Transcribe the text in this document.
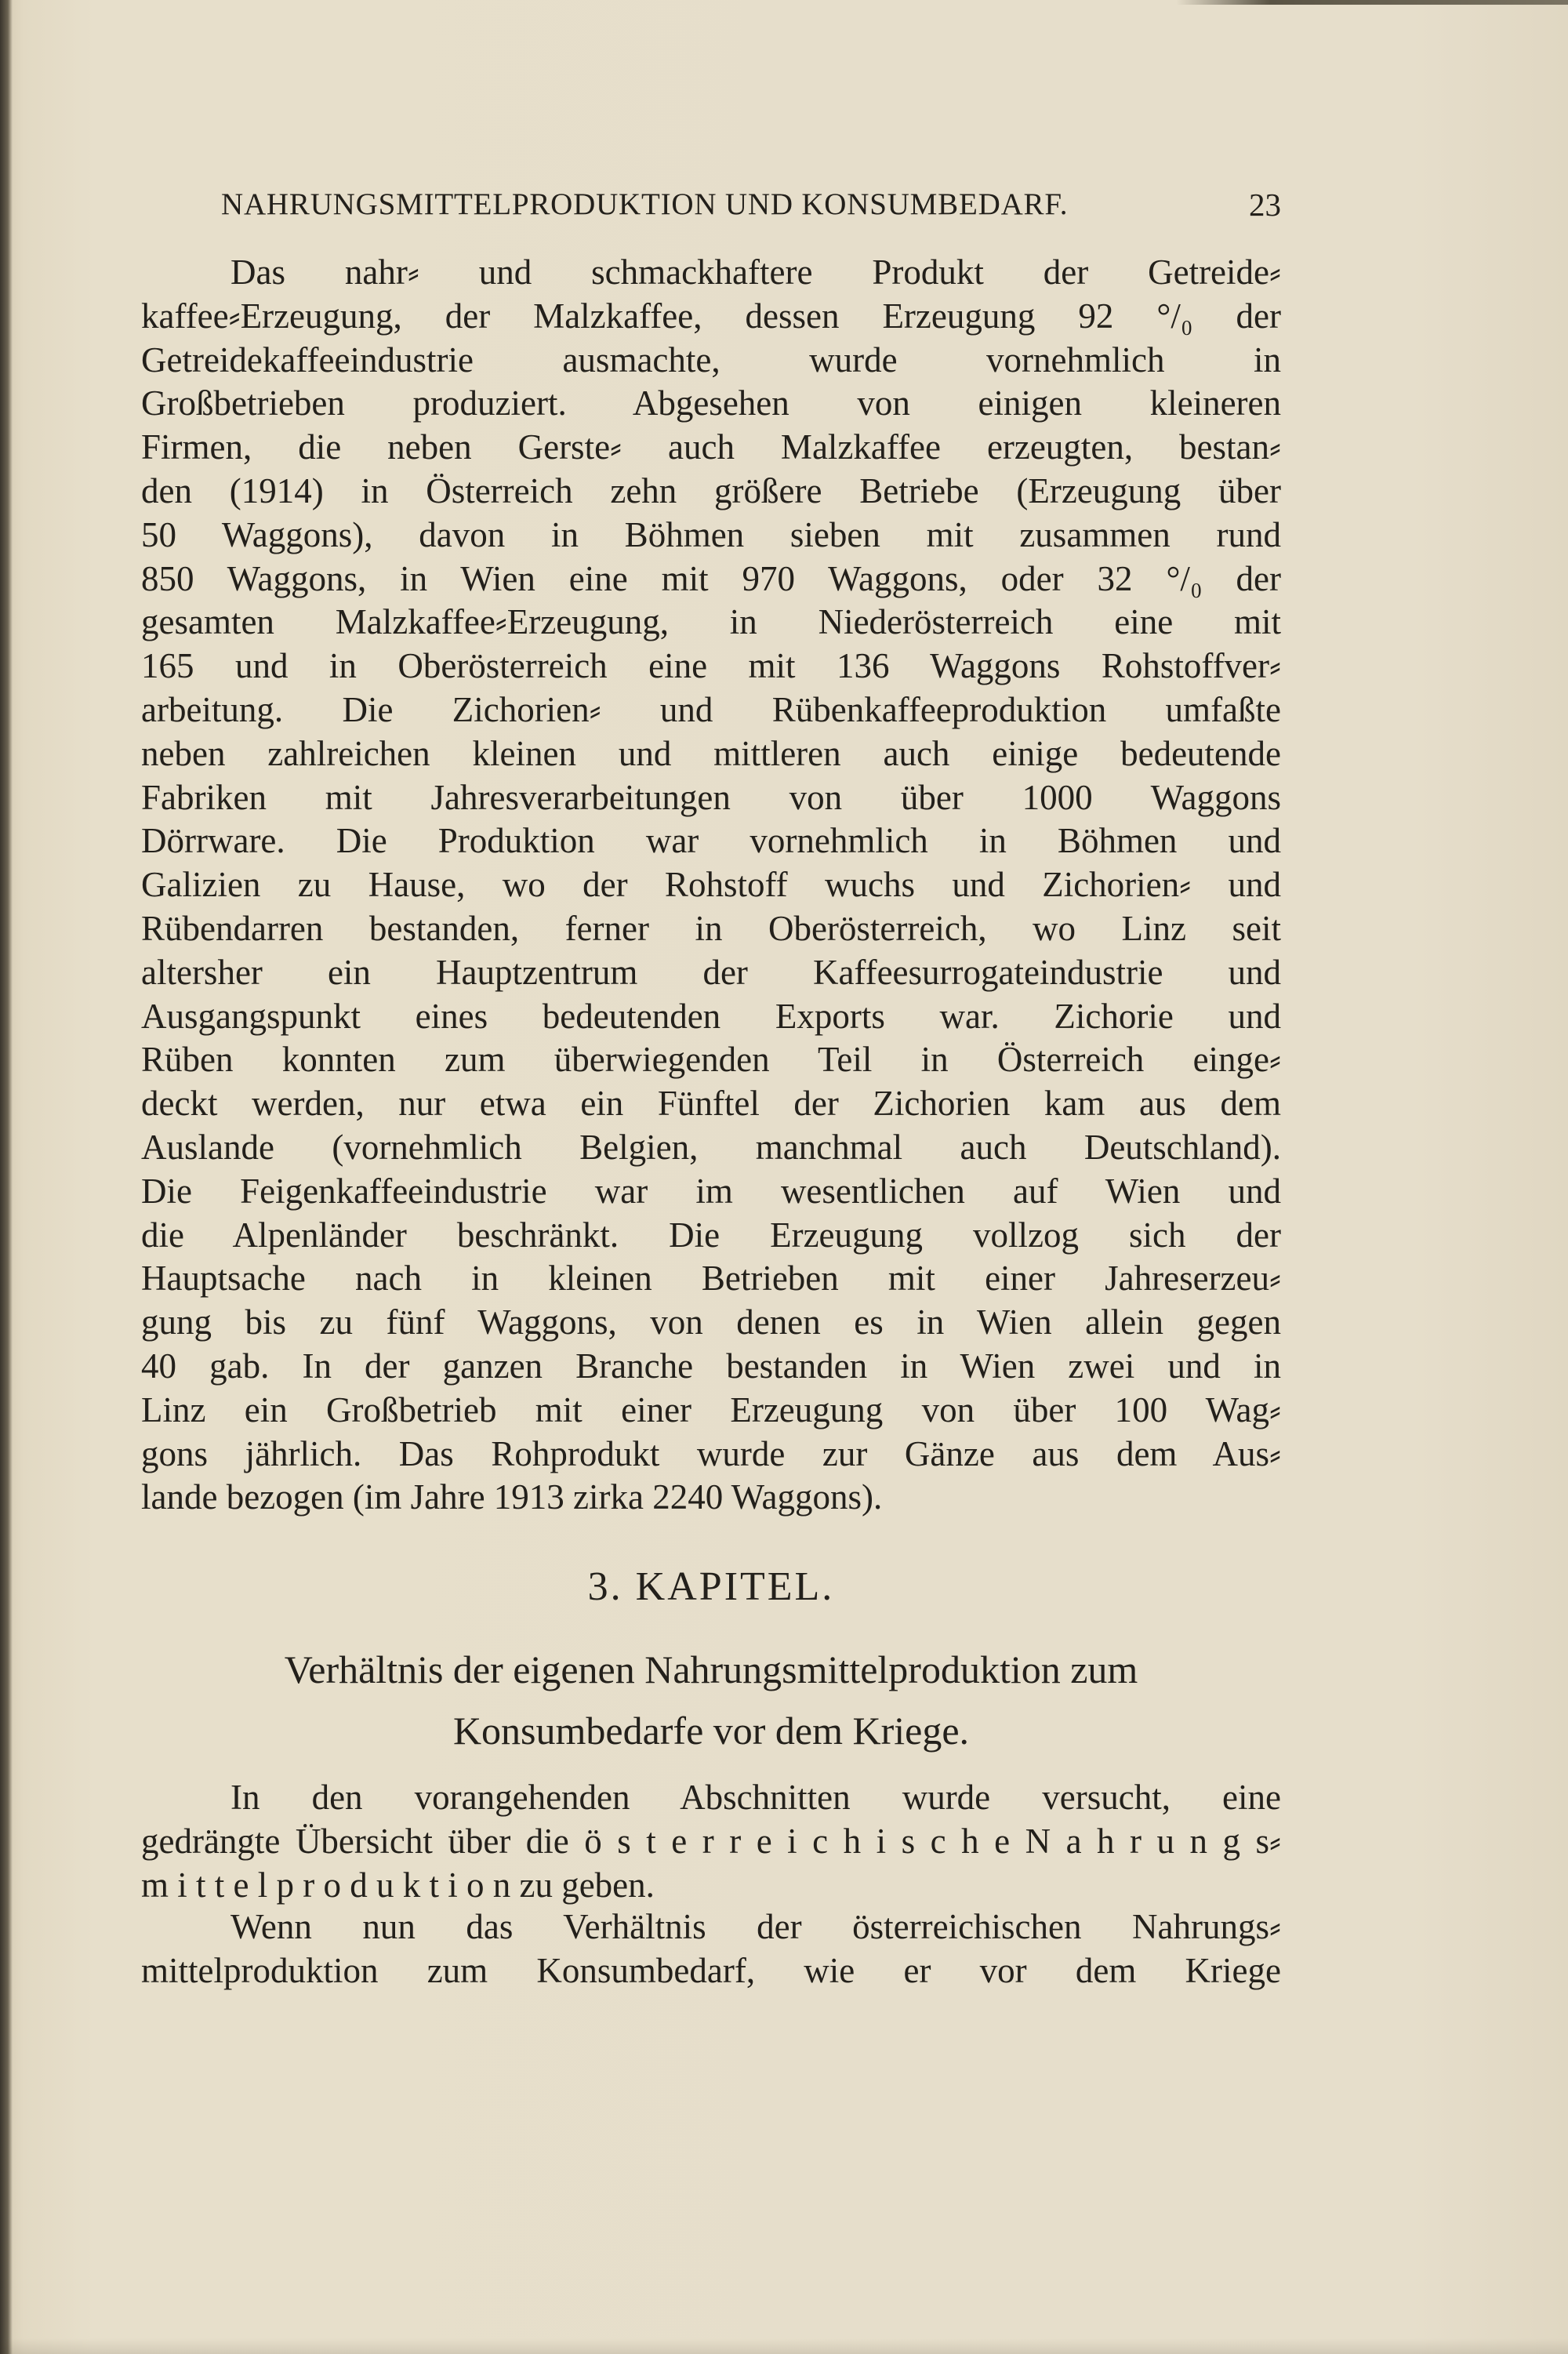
NAHRUNGSMITTELPRODUKTION UND KONSUMBEDARF.	23
Das nahr⸗ und schmackhaftere Produkt der Getreide⸗
kaffee⸗Erzeugung, der Malzkaffee, dessen Erzeugung 92 °/₀ der
Getreidekaffeeindustrie ausmachte, wurde vornehmlich in
Großbetrieben produziert. Abgesehen von einigen kleineren
Firmen, die neben Gerste⸗ auch Malzkaffee erzeugten, bestan⸗
den (1914) in Österreich zehn größere Betriebe (Erzeugung über
50 Waggons), davon in Böhmen sieben mit zusammen rund
850 Waggons, in Wien eine mit 970 Waggons, oder 32 °/₀ der
gesamten Malzkaffee⸗Erzeugung, in Niederösterreich eine mit
165 und in Oberösterreich eine mit 136 Waggons Rohstoffver⸗
arbeitung. Die Zichorien⸗ und Rübenkaffeeproduktion umfaßte
neben zahlreichen kleinen und mittleren auch einige bedeutende
Fabriken mit Jahresverarbeitungen von über 1000 Waggons
Dörrware. Die Produktion war vornehmlich in Böhmen und
Galizien zu Hause, wo der Rohstoff wuchs und Zichorien⸗ und
Rübendarren bestanden, ferner in Oberösterreich, wo Linz seit
altersher ein Hauptzentrum der Kaffeesurrogateindustrie und
Ausgangspunkt eines bedeutenden Exports war. Zichorie und
Rüben konnten zum überwiegenden Teil in Österreich einge⸗
deckt werden, nur etwa ein Fünftel der Zichorien kam aus dem
Auslande (vornehmlich Belgien, manchmal auch Deutschland).
Die Feigenkaffeeindustrie war im wesentlichen auf Wien und
die Alpenländer beschränkt. Die Erzeugung vollzog sich der
Hauptsache nach in kleinen Betrieben mit einer Jahreserzeu⸗
gung bis zu fünf Waggons, von denen es in Wien allein gegen
40 gab. In der ganzen Branche bestanden in Wien zwei und in
Linz ein Großbetrieb mit einer Erzeugung von über 100 Wag⸗
gons jährlich. Das Rohprodukt wurde zur Gänze aus dem Aus⸗
lande bezogen (im Jahre 1913 zirka 2240 Waggons).
3. KAPITEL.
Verhältnis der eigenen Nahrungsmittelproduktion zum
Konsumbedarfe vor dem Kriege.
In den vorangehenden Abschnitten wurde versucht, eine
gedrängte Übersicht über die ö s t e r r e i c h i s c h e N a h r u n g s⸗
m i t t e l p r o d u k t i o n zu geben.
Wenn nun das Verhältnis der österreichischen Nahrungs⸗
mittelproduktion zum Konsumbedarf, wie er vor dem Kriege
